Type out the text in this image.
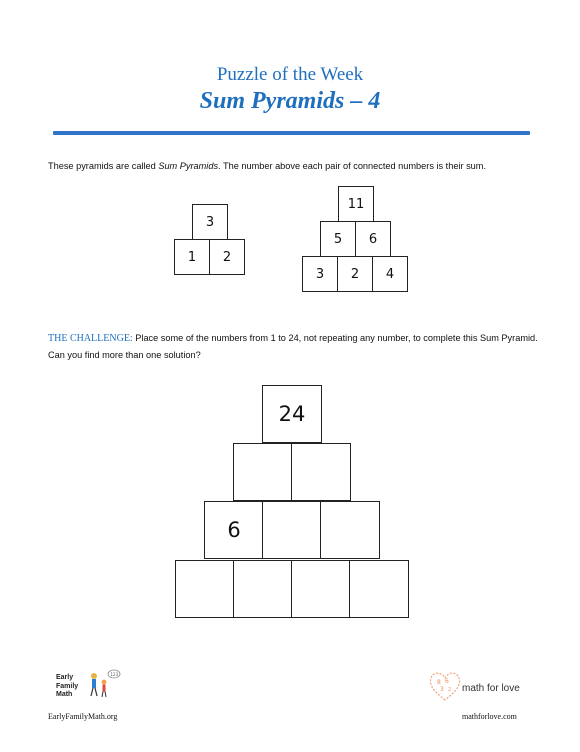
Puzzle of the Week
Sum Pyramids – 4
These pyramids are called Sum Pyramids. The number above each pair of connected numbers is their sum.
3
1	2
11
5	6
3	2	4
THE CHALLENGE: Place some of the numbers from 1 to 24, not repeating any number, to complete this Sum Pyramid. Can you find more than one solution?
24
6
Early
Family
Math
123
EarlyFamilyMath.org
8 6
3 2 math for love
mathforlove.com
